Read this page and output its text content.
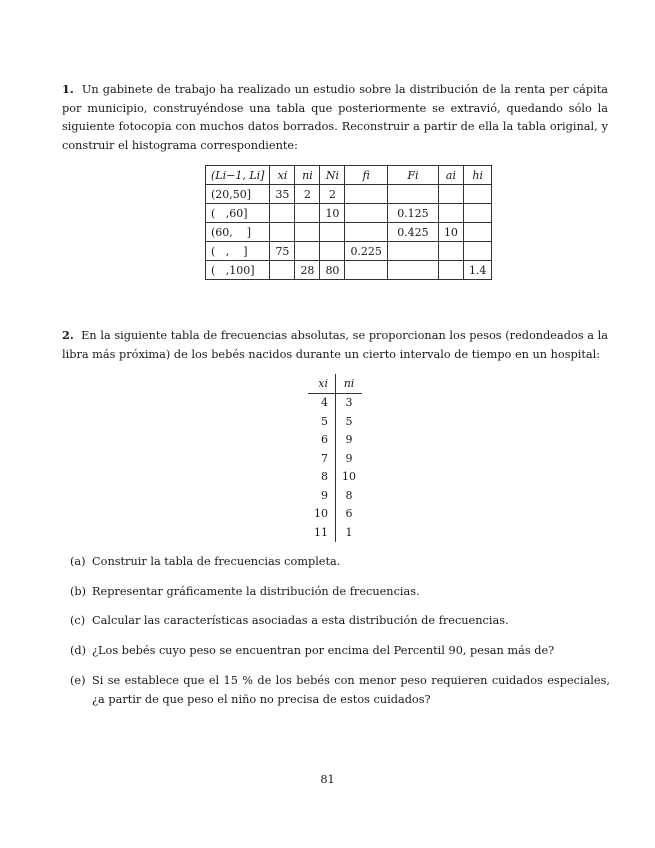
1. Un gabinete de trabajo ha realizado un estudio sobre la distribución de la renta per cápita por municipio, construyéndose una tabla que posteriormente se extravió, quedando sólo la siguiente fotocopia con muchos datos borrados. Reconstruir a partir de ella la tabla original, y construir el histograma correspondiente:
(Li−1, Li]	xi	ni	Ni	fi	Fi	ai	hi
(20,50]	35	2	2				
(   ,60]			10		0.125		
(60,    ]					0.425	10	
(   ,    ]	75			0.225			
(   ,100]		28	80				1.4
2. En la siguiente tabla de frecuencias absolutas, se proporcionan los pesos (redondeados a la libra más próxima) de los bebés nacidos durante un cierto intervalo de tiempo en un hospital:
xi	ni
4	3
5	5
6	9
7	9
8	10
9	8
10	6
11	1
(a) Construir la tabla de frecuencias completa.
(b) Representar gráficamente la distribución de frecuencias.
(c) Calcular las características asociadas a esta distribución de frecuencias.
(d) ¿Los bebés cuyo peso se encuentran por encima del Percentil 90, pesan más de?
(e) Si se establece que el 15 % de los bebés con menor peso requieren cuidados especiales, ¿a partir de que peso el niño no precisa de estos cuidados?
81
